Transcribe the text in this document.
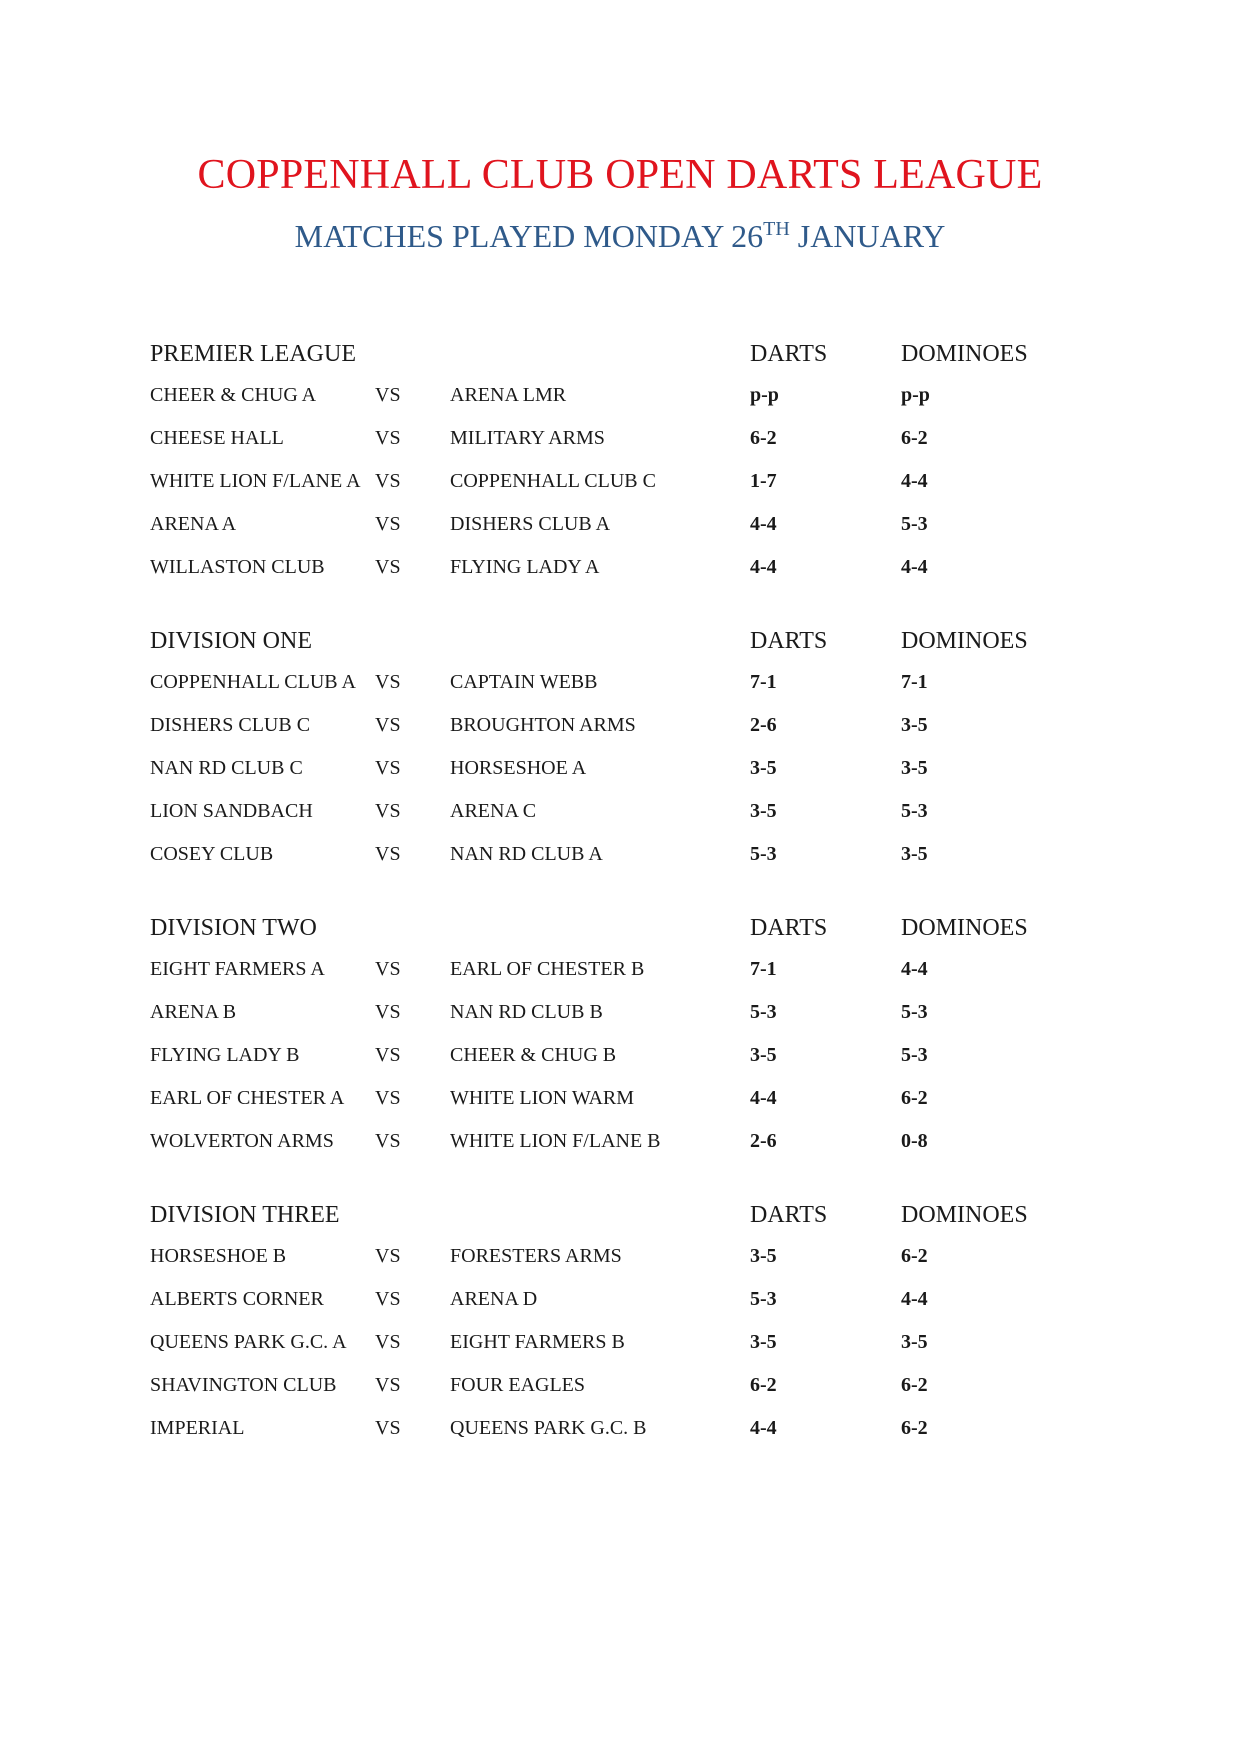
COPPENHALL CLUB OPEN DARTS LEAGUE
MATCHES PLAYED MONDAY 26TH JANUARY
PREMIER LEAGUE	DARTS	DOMINOES
CHEER & CHUG A	VS ARENA LMR	p-p	p-p
CHEESE HALL	VS MILITARY ARMS	6-2	6-2
WHITE LION F/LANE A VS COPPENHALL CLUB C	1-7	4-4
ARENA A	VS DISHERS CLUB A	4-4	5-3
WILLASTON CLUB	VS FLYING LADY A	4-4	4-4
DIVISION ONE	DARTS	DOMINOES
COPPENHALL CLUB A VS CAPTAIN WEBB	7-1	7-1
DISHERS CLUB C	VS BROUGHTON ARMS	2-6	3-5
NAN RD CLUB C	VS HORSESHOE A	3-5	3-5
LION SANDBACH	VS ARENA C	3-5	5-3
COSEY CLUB	VS NAN RD CLUB A	5-3	3-5
DIVISION TWO	DARTS	DOMINOES
EIGHT FARMERS A	VS EARL OF CHESTER B	7-1	4-4
ARENA B	VS NAN RD CLUB B	5-3	5-3
FLYING LADY B	VS CHEER & CHUG B	3-5	5-3
EARL OF CHESTER A VS WHITE LION WARM	4-4	6-2
WOLVERTON ARMS VS WHITE LION F/LANE B	2-6	0-8
DIVISION THREE	DARTS	DOMINOES
HORSESHOE B	VS FORESTERS ARMS	3-5	6-2
ALBERTS CORNER	VS ARENA D	5-3	4-4
QUEENS PARK G.C. A VS EIGHT FARMERS B	3-5	3-5
SHAVINGTON CLUB VS FOUR EAGLES	6-2	6-2
IMPERIAL	VS QUEENS PARK G.C. B	4-4	6-2
